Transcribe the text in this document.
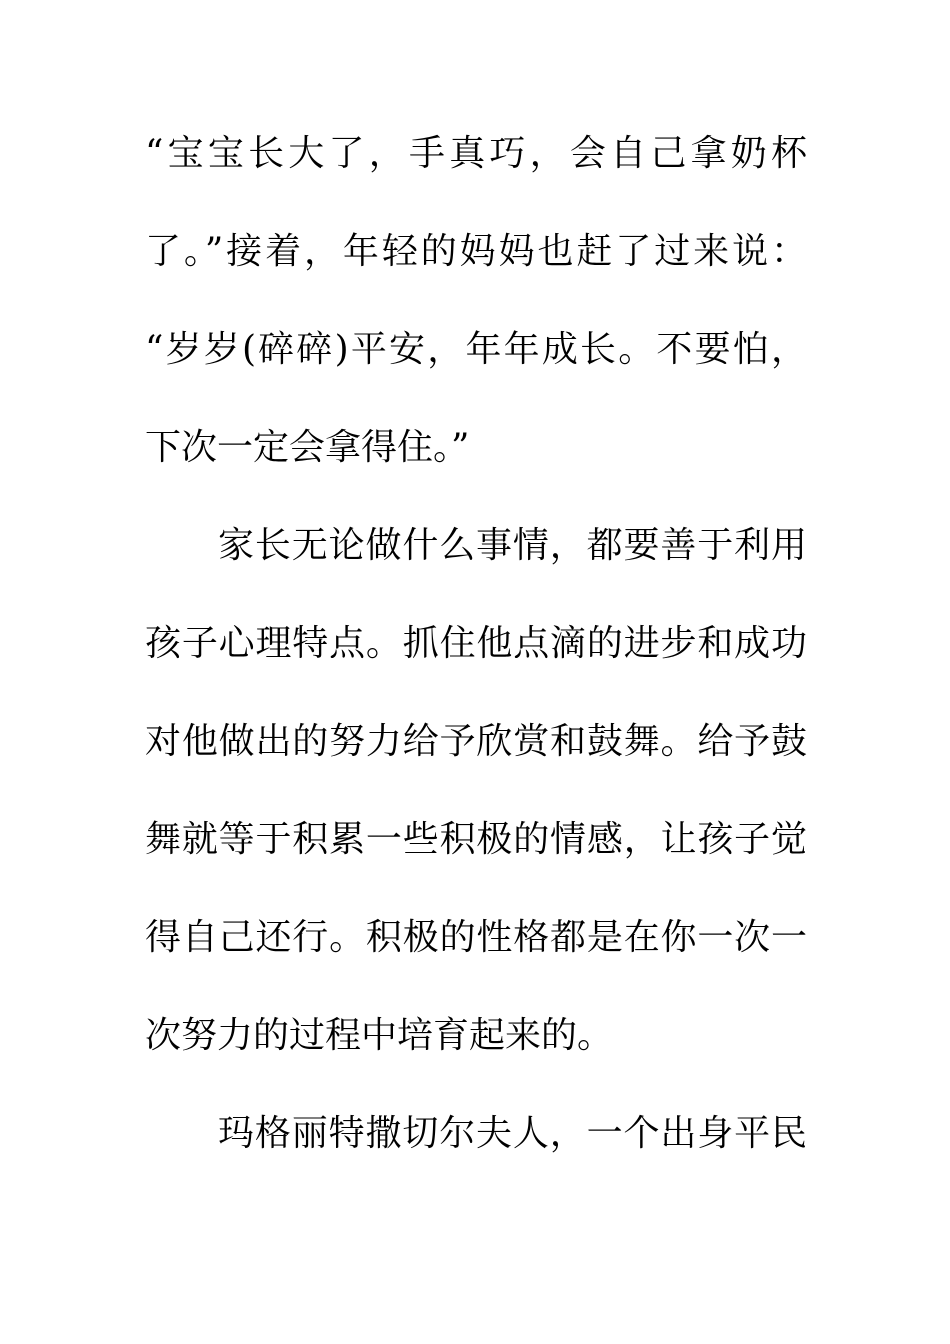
“宝宝长大了，手真巧，会自己拿奶杯
了。”接着，年轻的妈妈也赶了过来说：
“岁岁(碎碎)平安，年年成长。不要怕，
下次一定会拿得住。”
家长无论做什么事情，都要善于利用
孩子心理特点。抓住他点滴的进步和成功
对他做出的努力给予欣赏和鼓舞。给予鼓
舞就等于积累一些积极的情感，让孩子觉
得自己还行。积极的性格都是在你一次一
次努力的过程中培育起来的。
玛格丽特撒切尔夫人，一个出身平民
